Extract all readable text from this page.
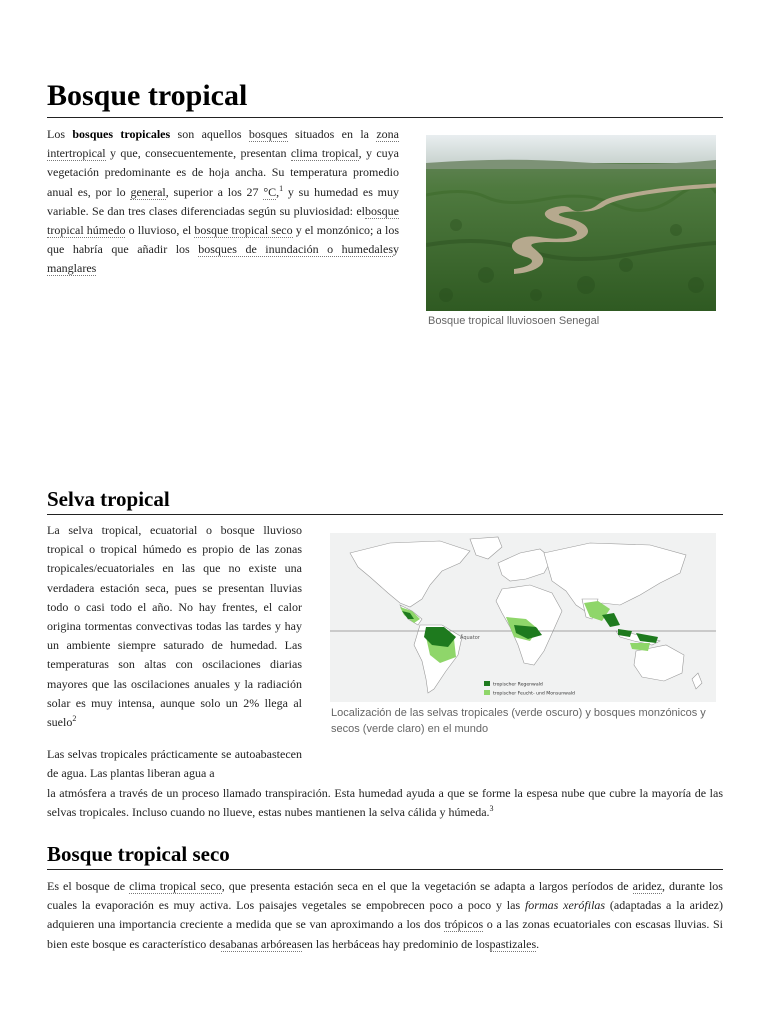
Bosque tropical

Los bosques tropicales son aquellos bosques situados en la zona intertropical y que, consecuentemente, presentan clima tropical, y cuya vegetación predominante es de hoja ancha. Su temperatura promedio anual es, por lo general, superior a los 27 °C,$^1$ y su humedad es muy variable. Se dan tres clases diferenciadas según su pluviosidad: elbosque tropical húmedo o lluvioso, el bosque tropical seco y el monzónico; a los que habría que añadir los bosques de inundación o humedalesy manglares

Bosque tropical lluviosoen Senegal
Selva tropical

La selva tropical, ecuatorial o bosque lluvioso tropical o tropical húmedo es propio de las zonas tropicales/ecuatoriales en las que no existe una verdadera estación seca, pues se presentan lluvias todo o casi todo el año. No hay frentes, el calor origina tormentas convectivas todas las tardes y hay un ambiente siempre saturado de humedad. Las temperaturas son altas con oscilaciones diarias mayores que las oscilaciones anuales y la radiación solar es muy intensa, aunque solo un 2% llega al suelo$^2$

Äquator
tropischer Regenwald
tropischer Feucht- und Monsunwald
Localización de las selvas tropicales (verde oscuro) y bosques monzónicos y secos (verde claro) en el mundo

Las selvas tropicales prácticamente se autoabastecen de agua. Las plantas liberan agua a

la atmósfera a través de un proceso llamado transpiración. Esta humedad ayuda a que se forme la espesa nube que cubre la mayoría de las selvas tropicales. Incluso cuando no llueve, estas nubes mantienen la selva cálida y húmeda.$^3$

Bosque tropical seco

Es el bosque de clima tropical seco, que presenta estación seca en el que la vegetación se adapta a largos períodos de aridez, durante los cuales la evaporación es muy activa. Los paisajes vegetales se empobrecen poco a poco y las formas xerófilas (adaptadas a la aridez) adquieren una importancia creciente a medida que se van aproximando a los dos trópicos o a las zonas ecuatoriales con escasas lluvias. Si bien este bosque es característico desabanas arbóreasen las herbáceas hay predominio de lospastizales.
